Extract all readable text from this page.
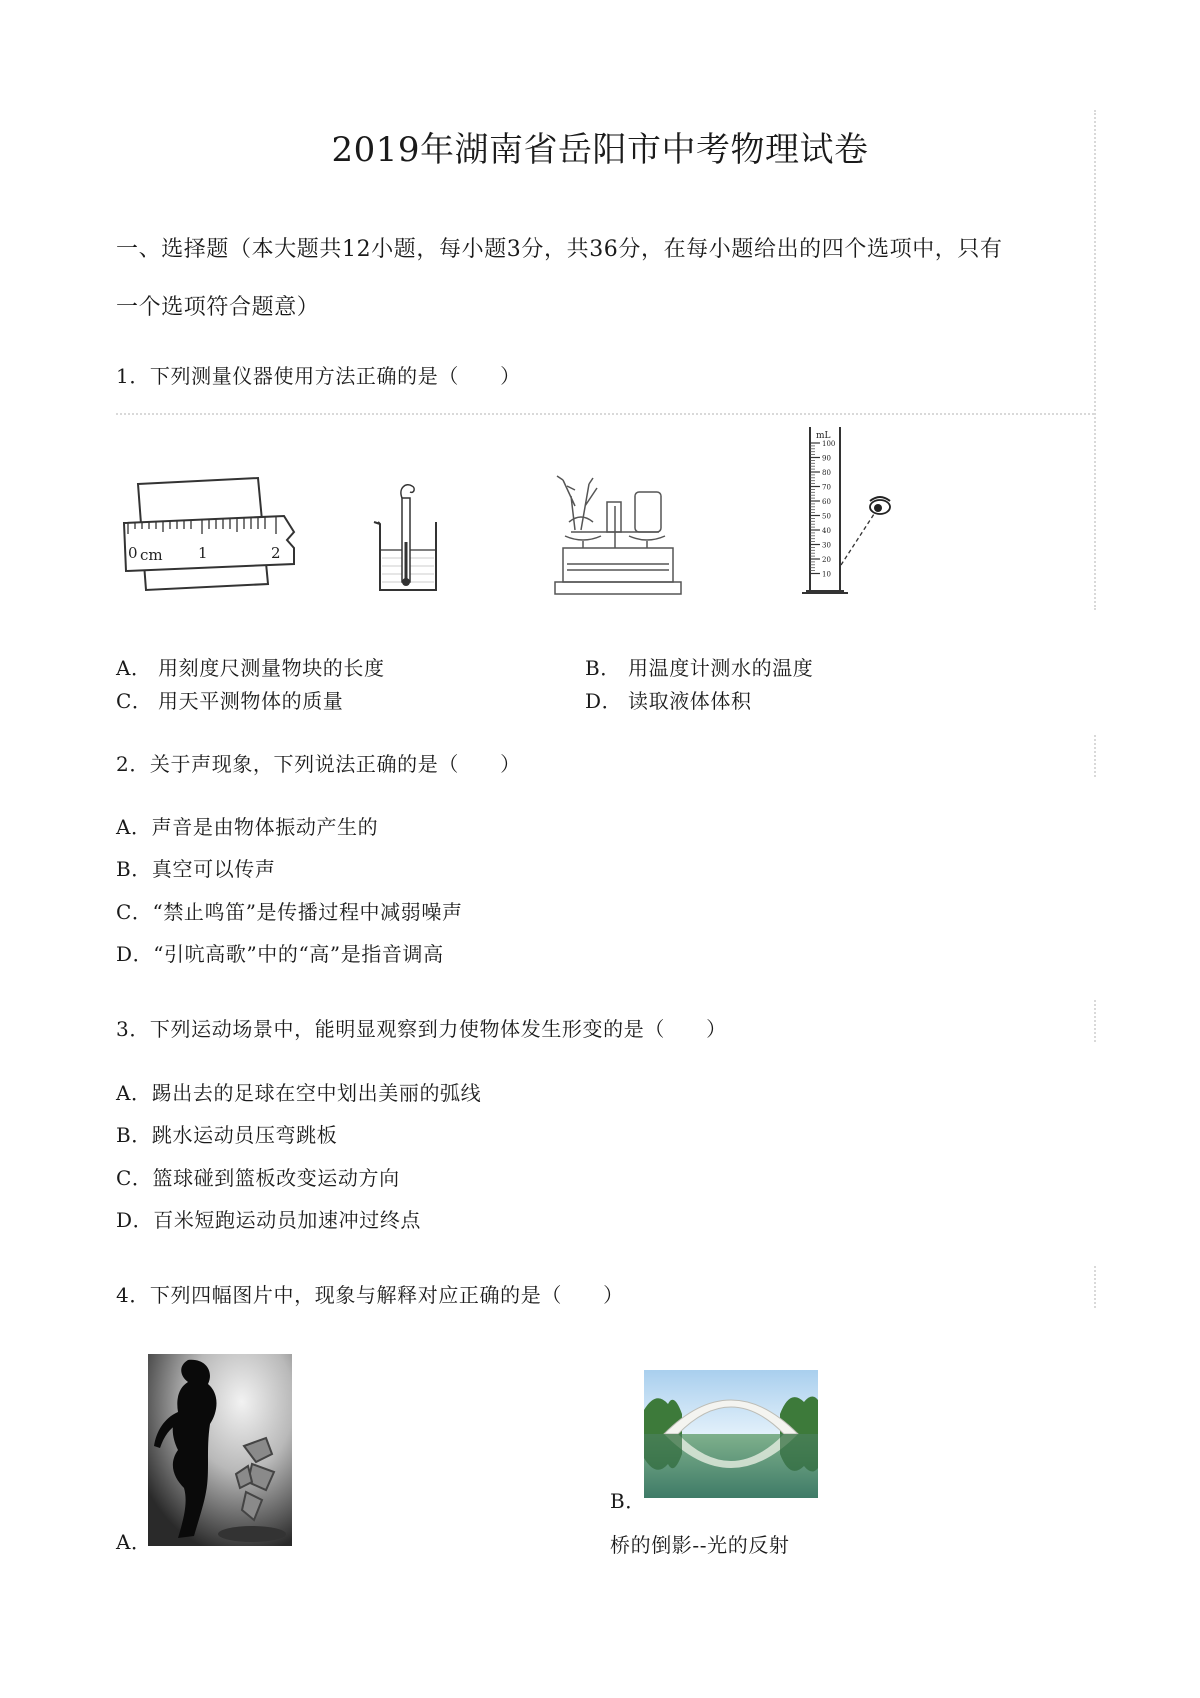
2019年湖南省岳阳市中考物理试卷
一、选择题（本大题共12小题，每小题3分，共36分，在每小题给出的四个选项中，只有
一个选项符合题意）
1．下列测量仪器使用方法正确的是（　　）
0 cm 1	2
mL
100
90
80
70
60
50
40
30
20
10
A． 用刻度尺测量物块的长度	B． 用温度计测水的温度
C． 用天平测物体的质量	D． 读取液体体积
2．关于声现象，下列说法正确的是（　　）
A．声音是由物体振动产生的
B．真空可以传声
C．“禁止鸣笛”是传播过程中减弱噪声
D．“引吭高歌”中的“高”是指音调高
3．下列运动场景中，能明显观察到力使物体发生形变的是（　　）
A．踢出去的足球在空中划出美丽的弧线
B．跳水运动员压弯跳板
C．篮球碰到篮板改变运动方向
D．百米短跑运动员加速冲过终点
4．下列四幅图片中，现象与解释对应正确的是（　　）
A．
B．
桥的倒影--光的反射
